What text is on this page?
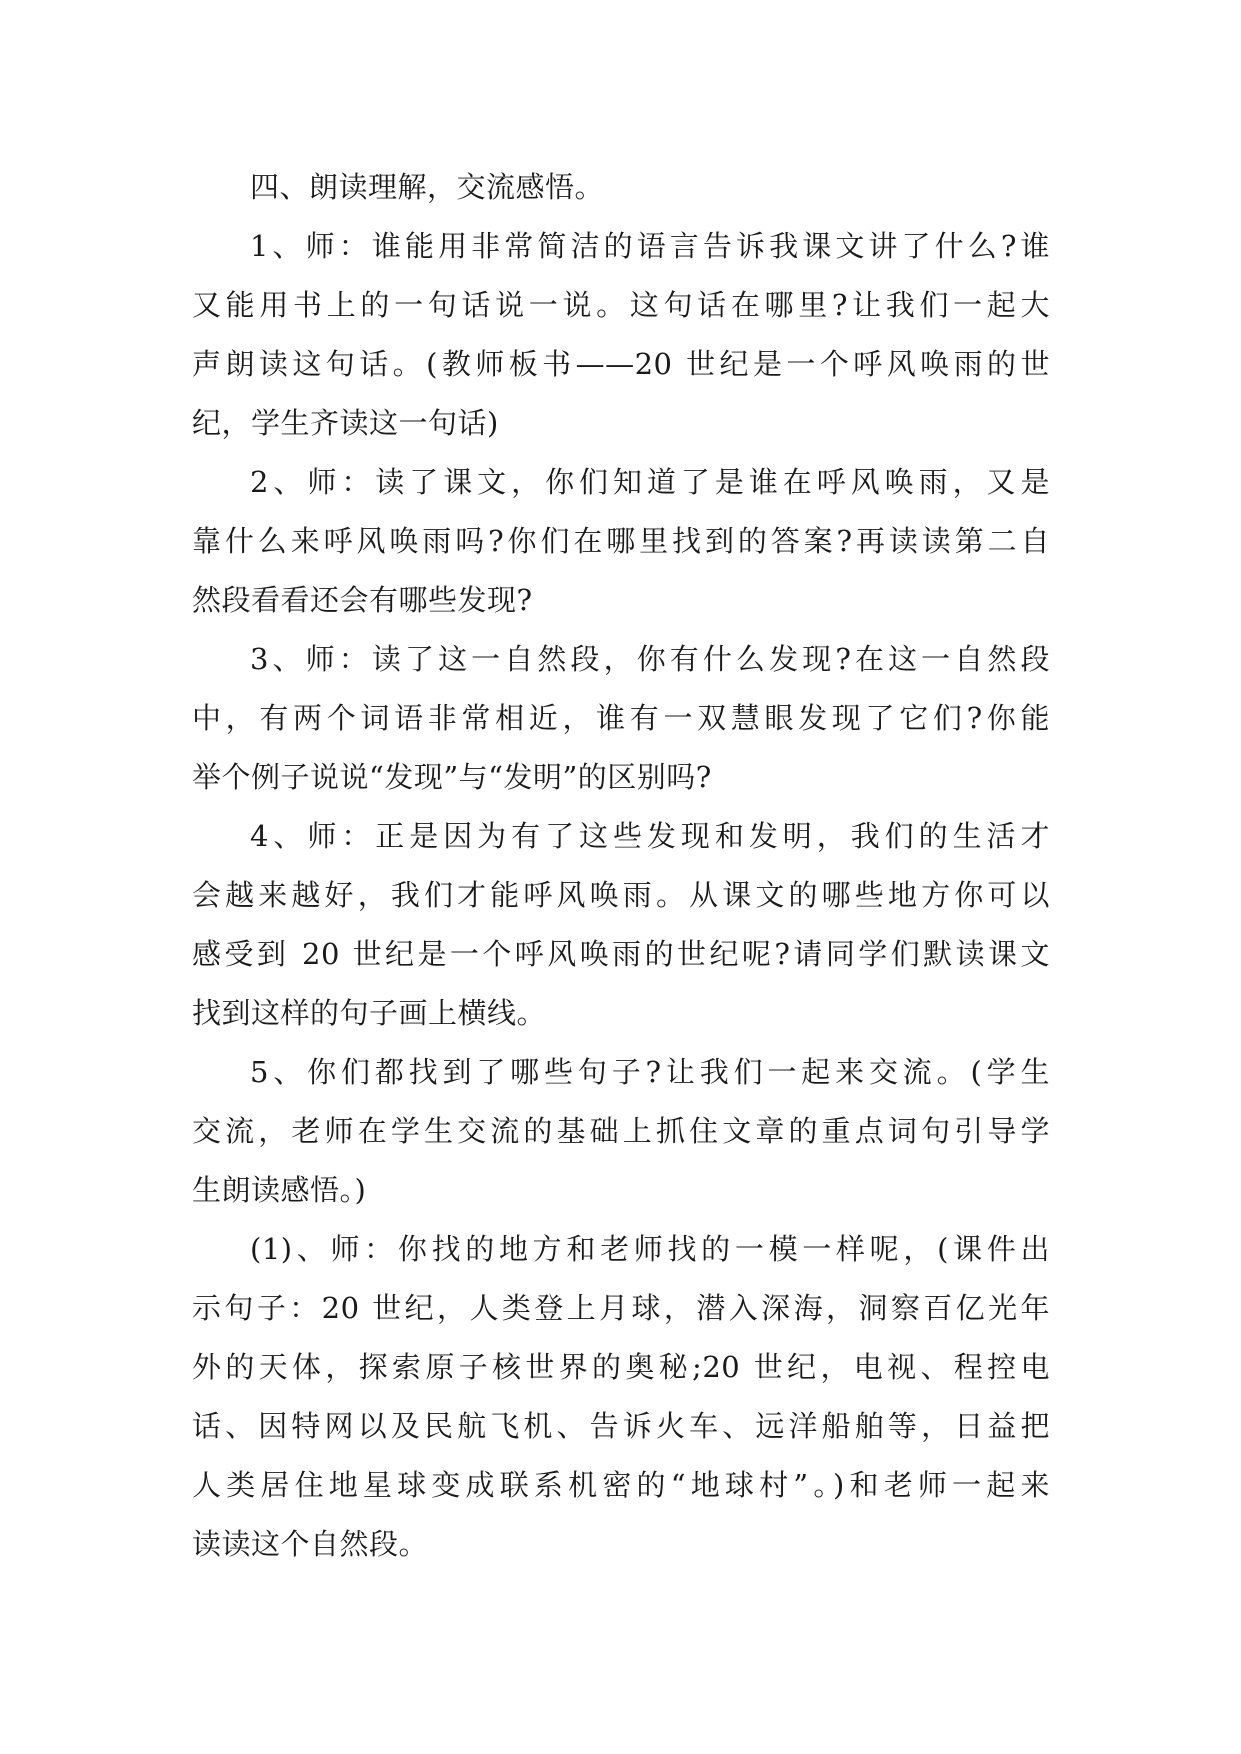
四、朗读理解，交流感悟。
1、师：谁能用非常简洁的语言告诉我课文讲了什么?谁
又能用书上的一句话说一说。这句话在哪里?让我们一起大
声朗读这句话。(教师板书——20 世纪是一个呼风唤雨的世
纪，学生齐读这一句话)
2、师：读了课文，你们知道了是谁在呼风唤雨，又是
靠什么来呼风唤雨吗?你们在哪里找到的答案?再读读第二自
然段看看还会有哪些发现?
3、师：读了这一自然段，你有什么发现?在这一自然段
中，有两个词语非常相近，谁有一双慧眼发现了它们?你能
举个例子说说“发现”与“发明”的区别吗?
4、师：正是因为有了这些发现和发明，我们的生活才
会越来越好，我们才能呼风唤雨。从课文的哪些地方你可以
感受到 20 世纪是一个呼风唤雨的世纪呢?请同学们默读课文
找到这样的句子画上横线。
5、你们都找到了哪些句子?让我们一起来交流。(学生
交流，老师在学生交流的基础上抓住文章的重点词句引导学
生朗读感悟。)
(1)、师：你找的地方和老师找的一模一样呢，(课件出
示句子：20 世纪，人类登上月球，潜入深海，洞察百亿光年
外的天体，探索原子核世界的奥秘;20 世纪，电视、程控电
话、因特网以及民航飞机、告诉火车、远洋船舶等，日益把
人类居住地星球变成联系机密的“地球村”。)和老师一起来
读读这个自然段。
